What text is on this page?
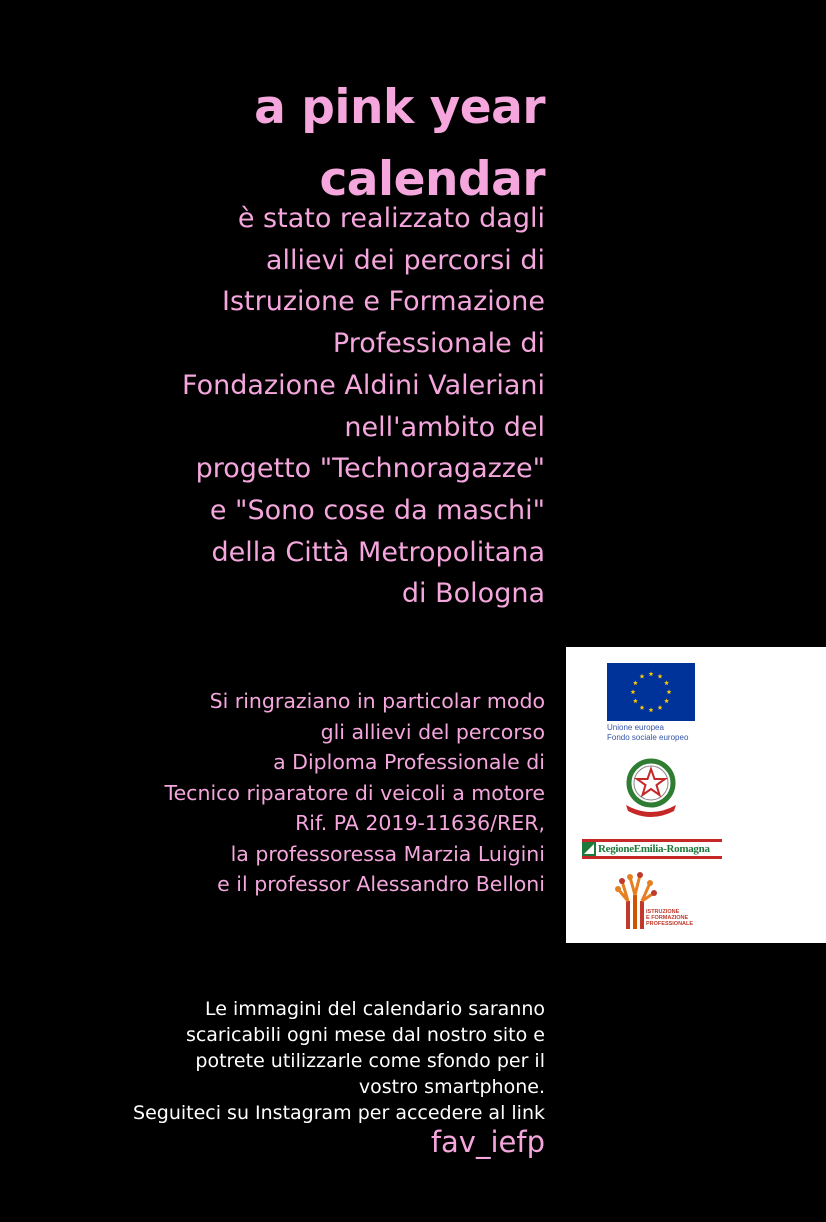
a pink year
calendar
è stato realizzato dagli
allievi dei percorsi di
Istruzione e Formazione
Professionale di
Fondazione Aldini Valeriani
nell'ambito del
progetto "Technoragazze"
e "Sono cose da maschi"
della Città Metropolitana
di Bologna
Si ringraziano in particolar modo
gli allievi del percorso
a Diploma Professionale di
Tecnico riparatore di veicoli a motore
Rif. PA 2019-11636/RER,
la professoressa Marzia Luigini
e il professor Alessandro Belloni
Le immagini del calendario saranno
scaricabili ogni mese dal nostro sito e
potrete utilizzarle come sfondo per il
vostro smartphone.
Seguiteci su Instagram per accedere al link
fav_iefp
Unione europea
Fondo sociale europeo
RegioneEmilia-Romagna
ISTRUZIONE
E FORMAZIONE
PROFESSIONALE
